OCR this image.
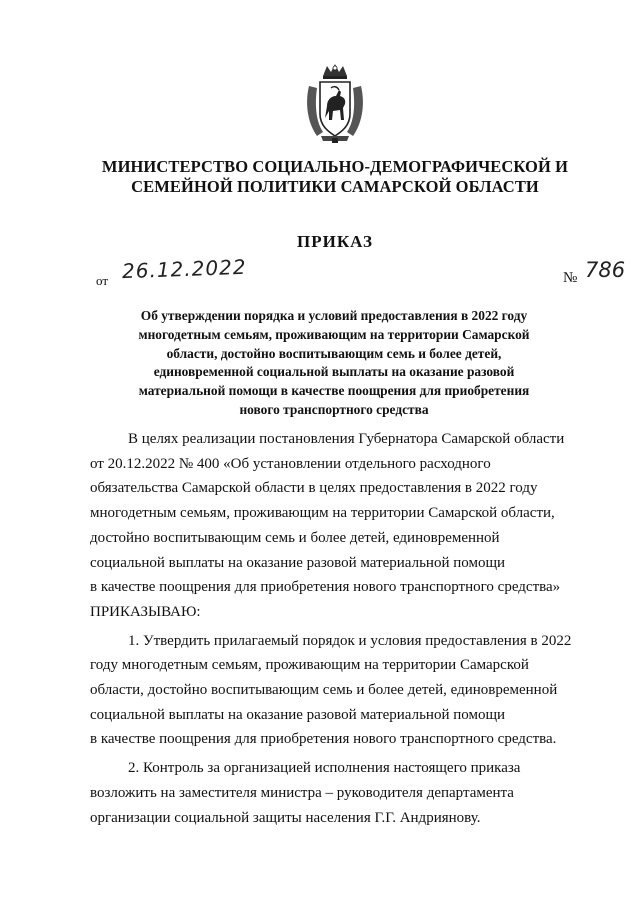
МИНИСТЕРСТВО СОЦИАЛЬНО-ДЕМОГРАФИЧЕСКОЙ И
СЕМЕЙНОЙ ПОЛИТИКИ САМАРСКОЙ ОБЛАСТИ
ПРИКАЗ
от 26.12.2022	№ 786
Об утверждении порядка и условий предоставления в 2022 году
многодетным семьям, проживающим на территории Самарской
области, достойно воспитывающим семь и более детей,
единовременной социальной выплаты на оказание разовой
материальной помощи в качестве поощрения для приобретения
нового транспортного средства

В целях реализации постановления Губернатора Самарской области
от 20.12.2022 № 400 «Об установлении отдельного расходного
обязательства Самарской области в целях предоставления в 2022 году
многодетным семьям, проживающим на территории Самарской области,
достойно воспитывающим семь и более детей, единовременной
социальной выплаты на оказание разовой материальной помощи
в качестве поощрения для приобретения нового транспортного средства»
ПРИКАЗЫВАЮ:

1. Утвердить прилагаемый порядок и условия предоставления в 2022
году многодетным семьям, проживающим на территории Самарской
области, достойно воспитывающим семь и более детей, единовременной
социальной выплаты на оказание разовой материальной помощи
в качестве поощрения для приобретения нового транспортного средства.

2. Контроль за организацией исполнения настоящего приказа
возложить на заместителя министра – руководителя департамента
организации социальной защиты населения Г.Г. Андриянову.
